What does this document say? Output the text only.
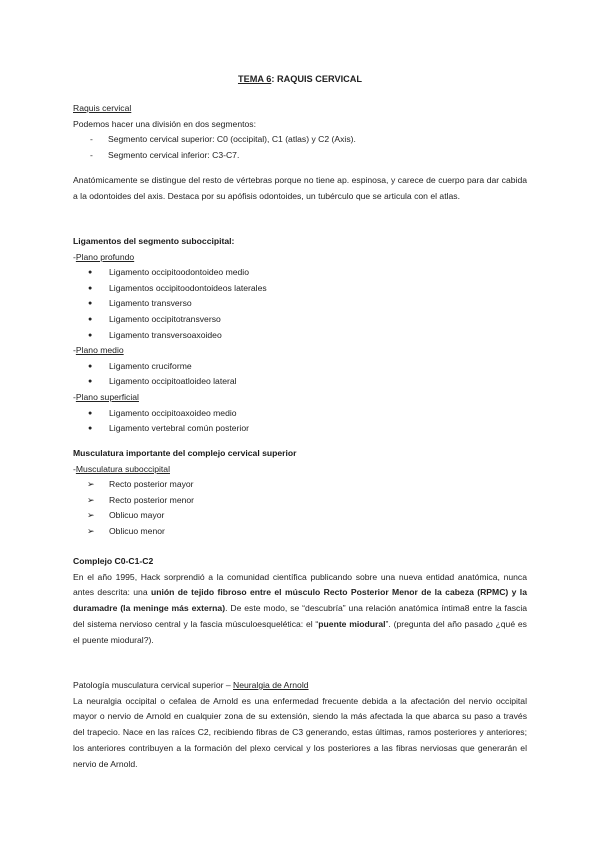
TEMA 6: RAQUIS CERVICAL
Raquis cervical
Podemos hacer una división en dos segmentos:
- Segmento cervical superior: C0 (occipital), C1 (atlas) y C2 (Axis).
- Segmento cervical inferior: C3-C7.
Anatómicamente se distingue del resto de vértebras porque no tiene ap. espinosa, y carece de cuerpo para dar cabida a la odontoides del axis. Destaca por su apófisis odontoides, un tubérculo que se articula con el atlas.
Ligamentos del segmento suboccipital:
-Plano profundo
● Ligamento occipitoodontoideo medio
● Ligamentos occipitoodontoideos laterales
● Ligamento transverso
● Ligamento occipitotransverso
● Ligamento transversoaxoideo
-Plano medio
● Ligamento cruciforme
● Ligamento occipitoatloideo lateral
-Plano superficial
● Ligamento occipitoaxoideo medio
● Ligamento vertebral común posterior
Musculatura importante del complejo cervical superior
-Musculatura suboccipital
➢ Recto posterior mayor
➢ Recto posterior menor
➢ Oblicuo mayor
➢ Oblicuo menor
Complejo C0-C1-C2
En el año 1995, Hack sorprendió a la comunidad científica publicando sobre una nueva entidad anatómica, nunca antes descrita: una unión de tejido fibroso entre el músculo Recto Posterior Menor de la cabeza (RPMC) y la duramadre (la meninge más externa). De este modo, se “descubría” una relación anatómica íntima8 entre la fascia del sistema nervioso central y la fascia músculoesquelética: el “puente miodural”. (pregunta del año pasado ¿qué es el puente miodural?).
Patología musculatura cervical superior – Neuralgia de Arnold
La neuralgia occipital o cefalea de Arnold es una enfermedad frecuente debida a la afectación del nervio occipital mayor o nervio de Arnold en cualquier zona de su extensión, siendo la más afectada la que abarca su paso a través del trapecio. Nace en las raíces C2, recibiendo fibras de C3 generando, estas últimas, ramos posteriores y anteriores; los anteriores contribuyen a la formación del plexo cervical y los posteriores a las fibras nerviosas que generarán el nervio de Arnold.
